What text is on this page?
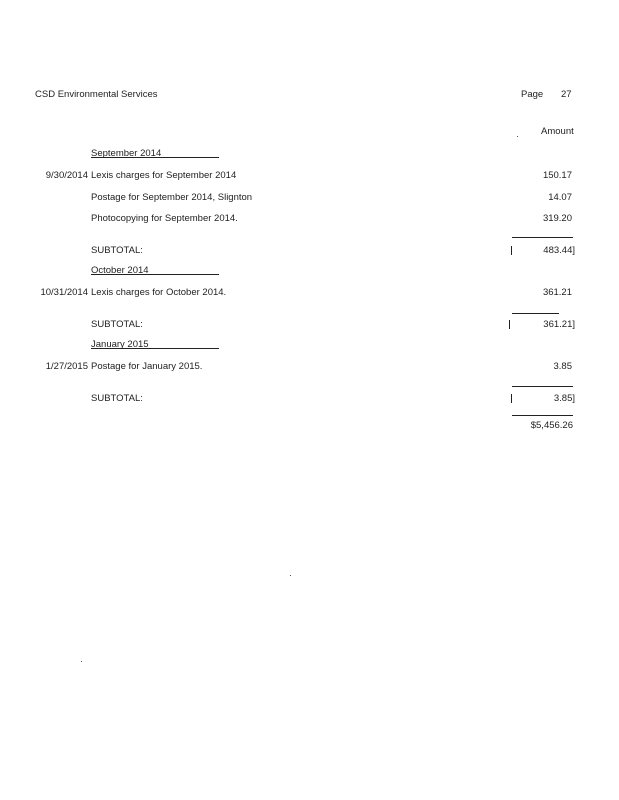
CSD Environmental Services	Page 27
Amount
September 2014
9/30/2014 Lexis charges for September 2014	150.17
Postage for September 2014, Slignton	14.07
Photocopying for September 2014.	319.20
SUBTOTAL:	483.44]
October 2014
10/31/2014 Lexis charges for October 2014.	361.21
SUBTOTAL:	361.21]
January 2015
1/27/2015 Postage for January 2015.	3.85
SUBTOTAL:	3.85]
$5,456.26
